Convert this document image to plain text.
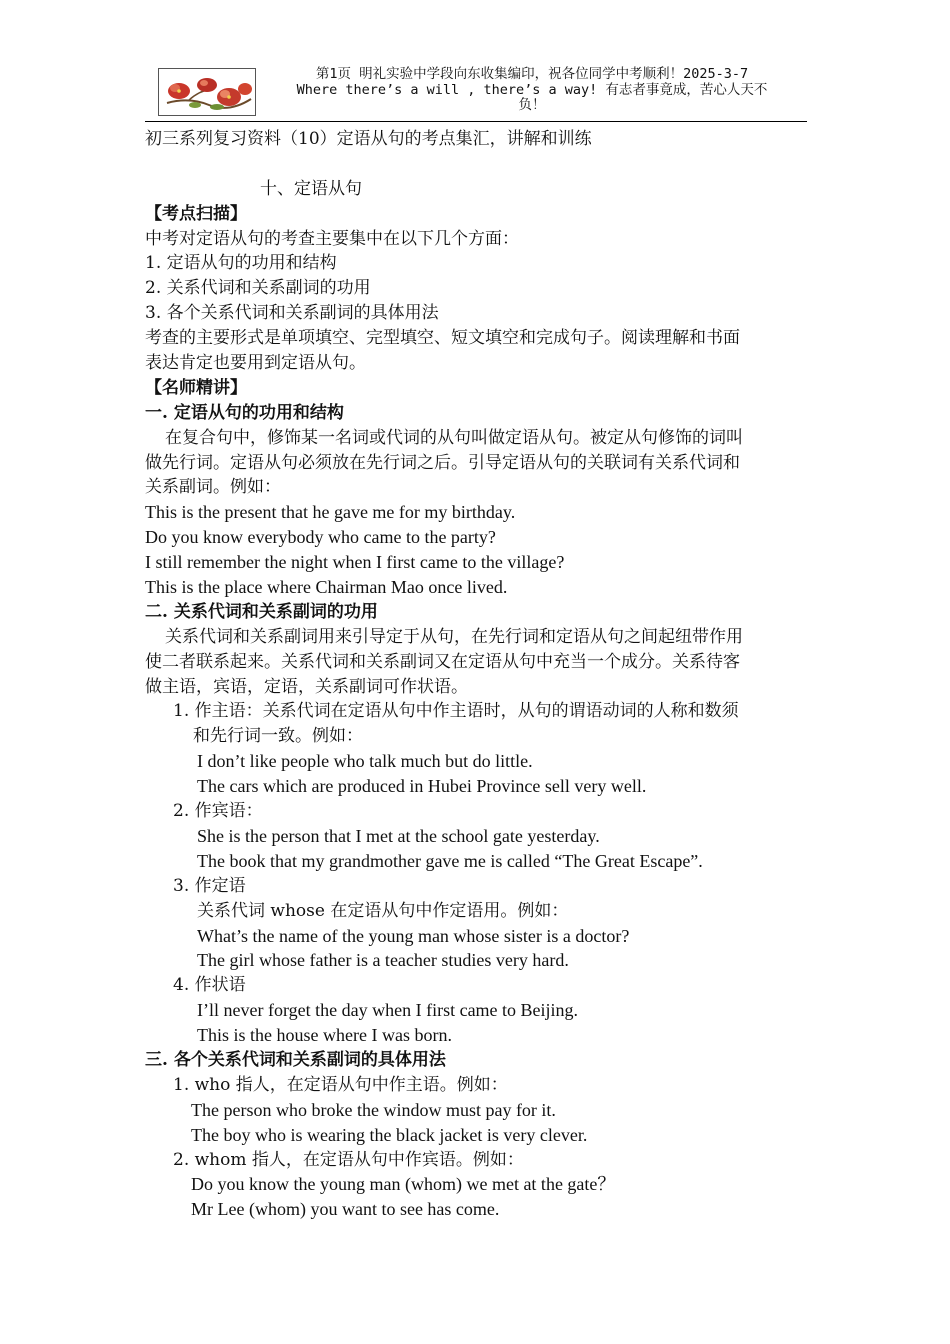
第1页 明礼实验中学段向东收集编印，祝各位同学中考顺利！2025-3-7
Where there’s a will , there’s a way! 有志者事竟成，苦心人天不
负！
初三系列复习资料（10）定语从句的考点集汇，讲解和训练
十、定语从句
【考点扫描】
中考对定语从句的考查主要集中在以下几个方面：
1. 定语从句的功用和结构
2. 关系代词和关系副词的功用
3. 各个关系代词和关系副词的具体用法
考查的主要形式是单项填空、完型填空、短文填空和完成句子。阅读理解和书面
表达肯定也要用到定语从句。
【名师精讲】
一. 定语从句的功用和结构
在复合句中，修饰某一名词或代词的从句叫做定语从句。被定从句修饰的词叫
做先行词。定语从句必须放在先行词之后。引导定语从句的关联词有关系代词和
关系副词。例如：
This is the present that he gave me for my birthday.
Do you know everybody who came to the party?
I still remember the night when I first came to the village?
This is the place where Chairman Mao once lived.
二. 关系代词和关系副词的功用
关系代词和关系副词用来引导定于从句，在先行词和定语从句之间起纽带作用
使二者联系起来。关系代词和关系副词又在定语从句中充当一个成分。关系待客
做主语，宾语，定语，关系副词可作状语。
1. 作主语：关系代词在定语从句中作主语时，从句的谓语动词的人称和数须
和先行词一致。例如：
I don’t like people who talk much but do little.
The cars which are produced in Hubei Province sell very well.
2. 作宾语：
She is the person that I met at the school gate yesterday.
The book that my grandmother gave me is called “The Great Escape”.
3. 作定语
关系代词 whose 在定语从句中作定语用。例如：
What’s the name of the young man whose sister is a doctor?
The girl whose father is a teacher studies very hard.
4. 作状语
I’ll never forget the day when I first came to Beijing.
This is the house where I was born.
三. 各个关系代词和关系副词的具体用法
1. who 指人，在定语从句中作主语。例如：
The person who broke the window must pay for it.
The boy who is wearing the black jacket is very clever.
2. whom 指人，在定语从句中作宾语。例如：
Do you know the young man (whom) we met at the gate？
Mr Lee (whom) you want to see has come.
